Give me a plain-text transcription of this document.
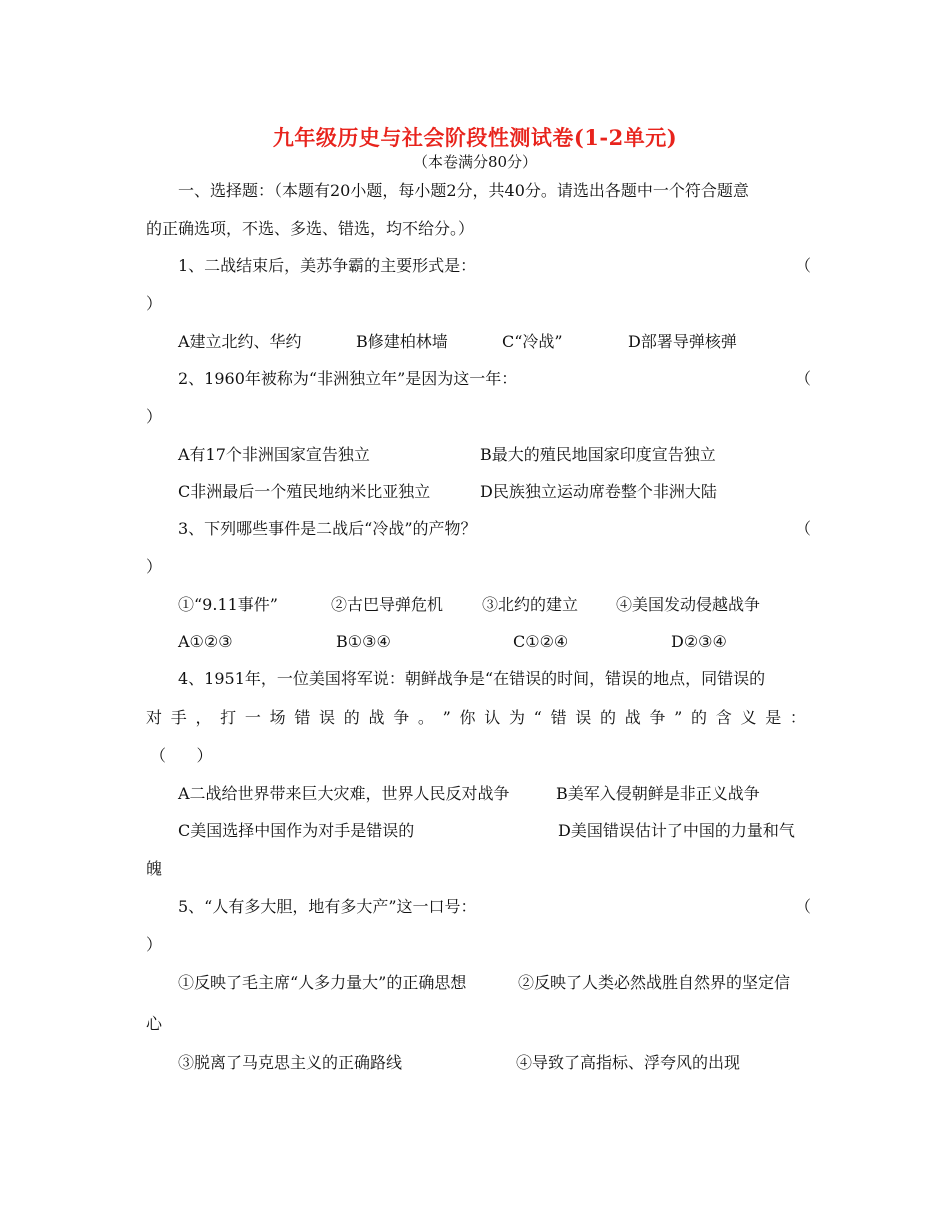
九年级历史与社会阶段性测试卷(1-2单元)
（本卷满分80分）
一、选择题：（本题有20小题，每小题2分，共40分。请选出各题中一个符合题意
的正确选项，不选、多选、错选，均不给分。）
1、二战结束后，美苏争霸的主要形式是：	（
）
A建立北约、华约	B修建柏林墙	C“冷战”	D部署导弹核弹
2、1960年被称为“非洲独立年”是因为这一年：	（
）
A有17个非洲国家宣告独立	B最大的殖民地国家印度宣告独立
C非洲最后一个殖民地纳米比亚独立	D民族独立运动席卷整个非洲大陆
3、下列哪些事件是二战后“冷战”的产物？	（
）
①“9.11事件”	②古巴导弹危机 ③北约的建立 ④美国发动侵越战争
A①②③	B①③④	C①②④	D②③④
4、1951年，一位美国将军说：朝鲜战争是“在错误的时间，错误的地点，同错误的
对 手 ， 打 一 场 错 误 的 战 争 。 ” 你 认 为 “ 错 误 的 战 争 ” 的 含 义 是 ：
（      ）
A二战给世界带来巨大灾难，世界人民反对战争	B美军入侵朝鲜是非正义战争
C美国选择中国作为对手是错误的	D美国错误估计了中国的力量和气
魄
5、“人有多大胆，地有多大产”这一口号：	（
）
①反映了毛主席“人多力量大”的正确思想	②反映了人类必然战胜自然界的坚定信
心
③脱离了马克思主义的正确路线	④导致了高指标、浮夸风的出现
